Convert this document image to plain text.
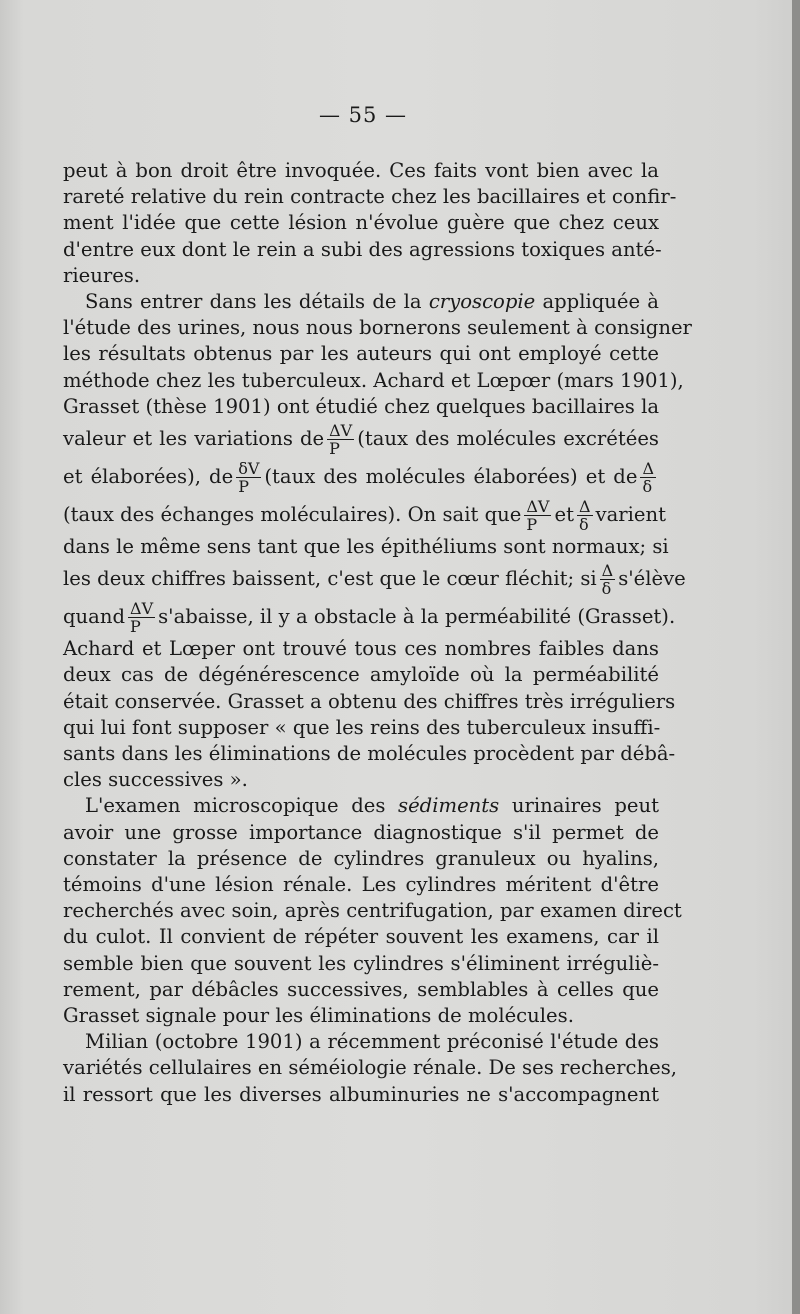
— 55 —

peut à bon droit être invoquée. Ces faits vont bien avec la
rareté relative du rein contracte chez les bacillaires et confir-
ment l'idée que cette lésion n'évolue guère que chez ceux
d'entre eux dont le rein a subi des agressions toxiques anté-
rieures.

Sans entrer dans les détails de la cryoscopie appliquée à
l'étude des urines, nous nous bornerons seulement à consigner
les résultats obtenus par les auteurs qui ont employé cette
méthode chez les tuberculeux. Achard et Lœpœr (mars 1901),
Grasset (thèse 1901) ont étudié chez quelques bacillaires la
valeur et les variations de $\frac{\Delta V}{P}$ (taux des molécules excrétées
et élaborées), de $\frac{\delta V}{P}$ (taux des molécules élaborées) et de $\frac{\Delta}{\delta}$
(taux des échanges moléculaires). On sait que $\frac{\Delta V}{P}$ et $\frac{\Delta}{\delta}$ varient
dans le même sens tant que les épithéliums sont normaux; si
les deux chiffres baissent, c'est que le cœur fléchit; si $\frac{\Delta}{\delta}$ s'élève
quand $\frac{\Delta V}{P}$ s'abaisse, il y a obstacle à la perméabilité (Grasset).
Achard et Lœper ont trouvé tous ces nombres faibles dans
deux cas de dégénérescence amyloïde où la perméabilité
était conservée. Grasset a obtenu des chiffres très irréguliers
qui lui font supposer « que les reins des tuberculeux insuffi-
sants dans les éliminations de molécules procèdent par débâ-
cles successives ».

L'examen microscopique des sédiments urinaires peut
avoir une grosse importance diagnostique s'il permet de
constater la présence de cylindres granuleux ou hyalins,
témoins d'une lésion rénale. Les cylindres méritent d'être
recherchés avec soin, après centrifugation, par examen direct
du culot. Il convient de répéter souvent les examens, car il
semble bien que souvent les cylindres s'éliminent irréguliè-
rement, par débâcles successives, semblables à celles que
Grasset signale pour les éliminations de molécules.

Milian (octobre 1901) a récemment préconisé l'étude des
variétés cellulaires en séméiologie rénale. De ses recherches,
il ressort que les diverses albuminuries ne s'accompagnent
